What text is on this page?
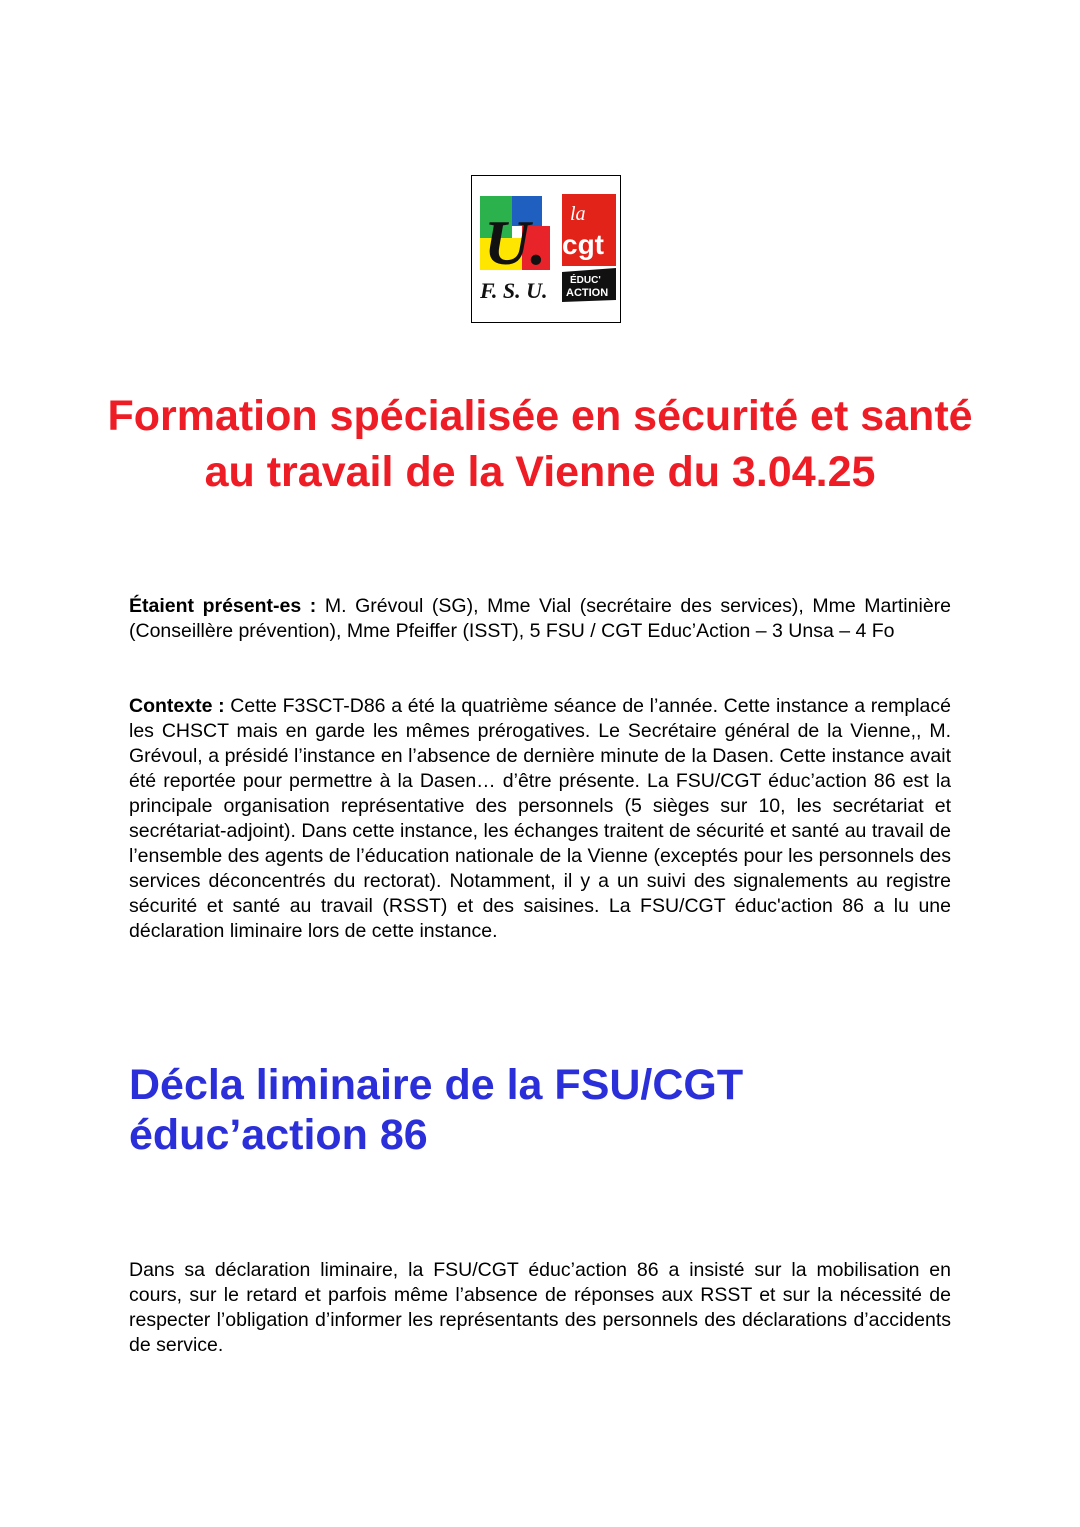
U.
F. S. U.
la
cgt
ÉDUC'
ACTION
Formation spécialisée en sécurité et santé au travail de la Vienne du 3.04.25

Étaient présent-es : M. Grévoul (SG), Mme Vial (secrétaire des services), Mme Martinière (Conseillère prévention), Mme Pfeiffer (ISST), 5 FSU / CGT Educ’Action – 3 Unsa – 4 Fo

Contexte : Cette F3SCT-D86 a été la quatrième séance de l’année. Cette instance a remplacé les CHSCT mais en garde les mêmes prérogatives. Le Secrétaire général de la Vienne,, M. Grévoul, a présidé l’instance en l’absence de dernière minute de la Dasen. Cette instance avait été reportée pour permettre à la Dasen… d’être présente. La FSU/CGT éduc’action 86 est la principale organisation représentative des personnels (5 sièges sur 10, les secrétariat et secrétariat-adjoint). Dans cette instance, les échanges traitent de sécurité et santé au travail de l’ensemble des agents de l’éducation nationale de la Vienne (exceptés pour les personnels des services déconcentrés du rectorat). Notamment, il y a un suivi des signalements au registre sécurité et santé au travail (RSST) et des saisines. La FSU/CGT éduc'action 86 a lu une déclaration liminaire lors de cette instance.

Décla liminaire de la FSU/CGT éduc’action 86

Dans sa déclaration liminaire, la FSU/CGT éduc’action 86 a insisté sur la mobilisation en cours, sur le retard et parfois même l’absence de réponses aux RSST et sur la nécessité de respecter l’obligation d’informer les représentants des personnels des déclarations d’accidents de service.
